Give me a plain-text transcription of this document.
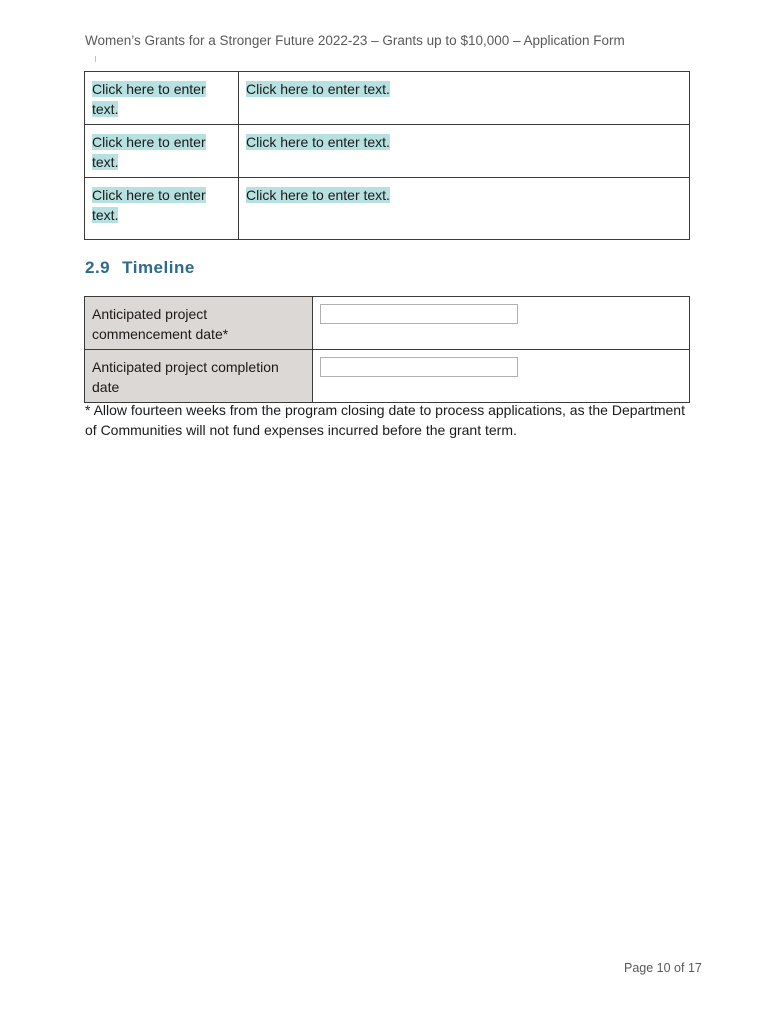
Women’s Grants for a Stronger Future 2022-23 – Grants up to $10,000 – Application Form
Click here to enter text.	Click here to enter text.
Click here to enter text.	Click here to enter text.
Click here to enter text.	Click here to enter text.
2.9 Timeline
Anticipated project commencement date*	

Anticipated project completion date	

* Allow fourteen weeks from the program closing date to process applications, as the Department of Communities will not fund expenses incurred before the grant term.

Page 10 of 17
